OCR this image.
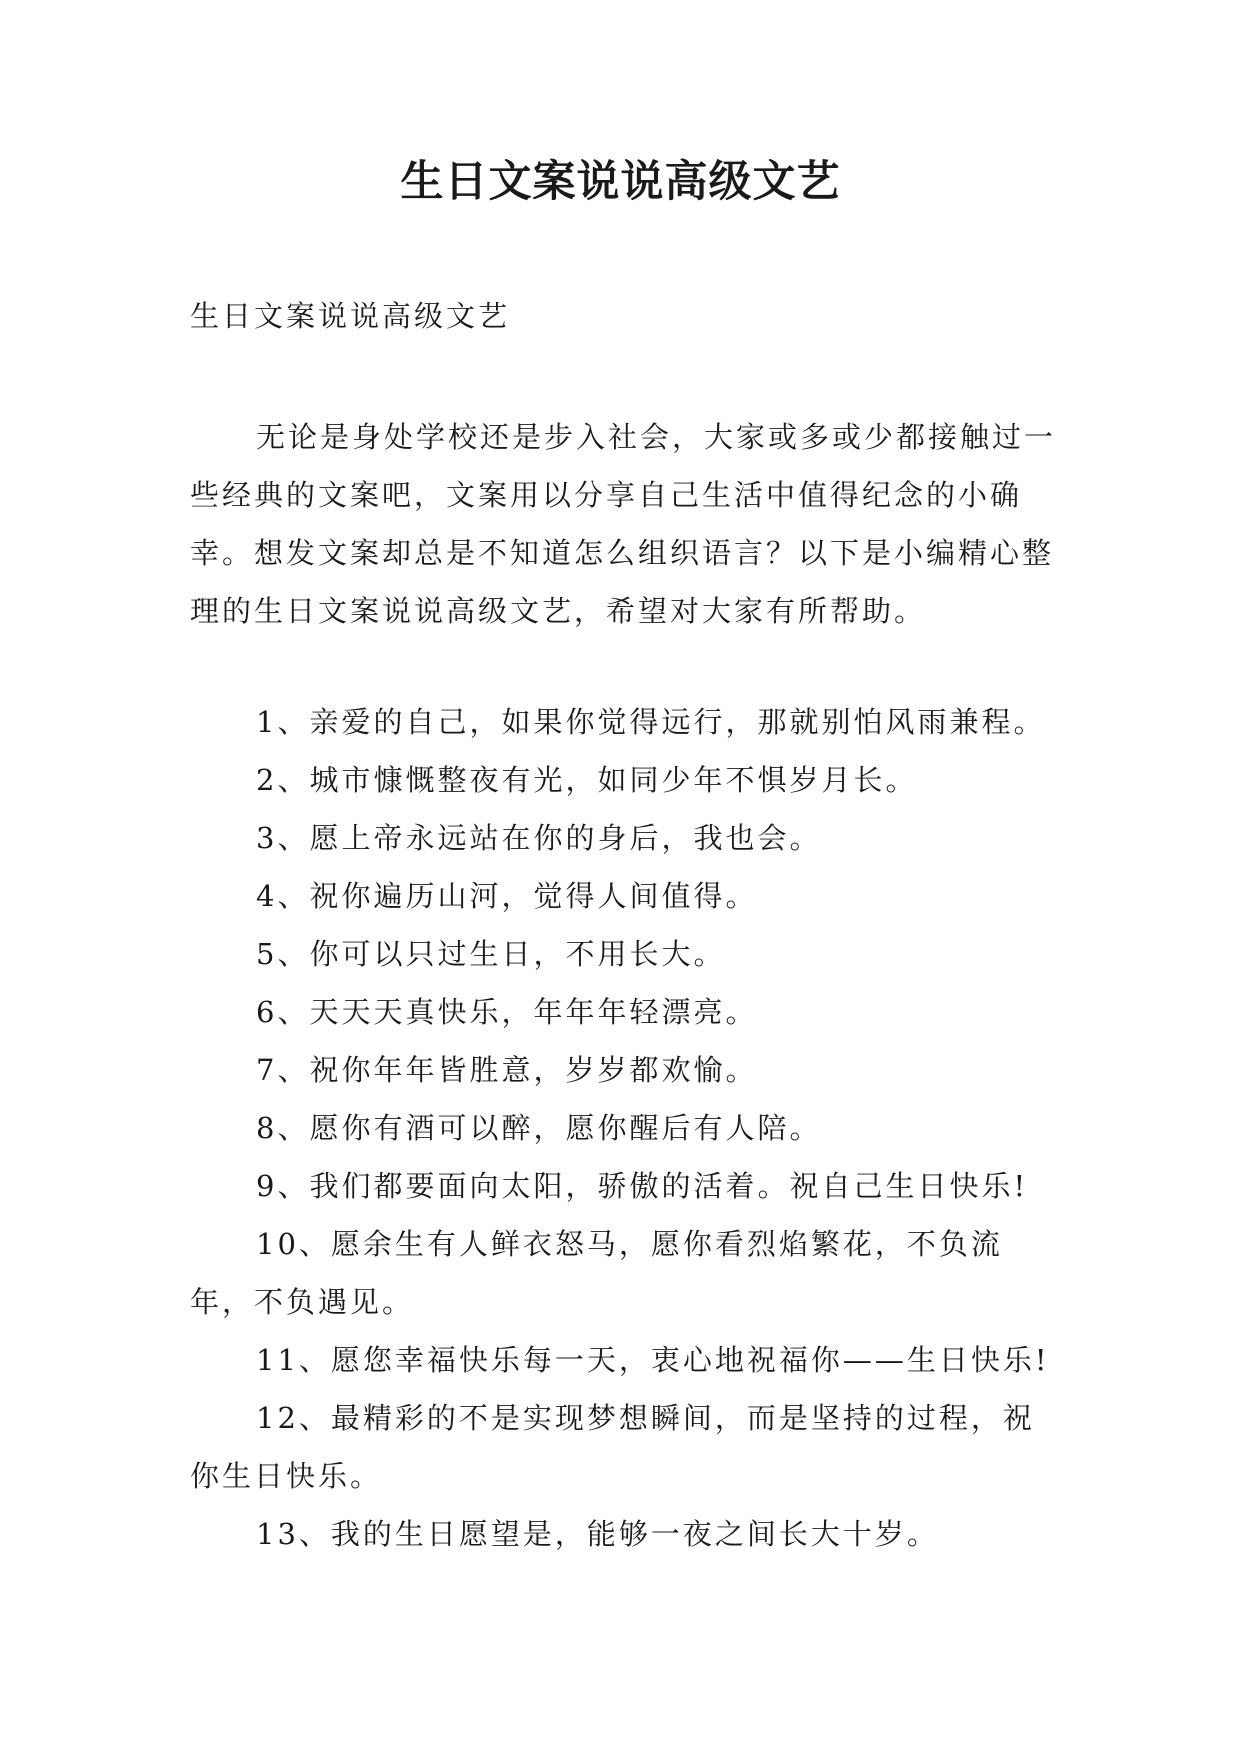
生日文案说说高级文艺
生日文案说说高级文艺

无论是身处学校还是步入社会，大家或多或少都接触过一些经典的文案吧，文案用以分享自己生活中值得纪念的小确幸。想发文案却总是不知道怎么组织语言？以下是小编精心整理的生日文案说说高级文艺，希望对大家有所帮助。

1、亲爱的自己，如果你觉得远行，那就别怕风雨兼程。

2、城市慷慨整夜有光，如同少年不惧岁月长。

3、愿上帝永远站在你的身后，我也会。

4、祝你遍历山河，觉得人间值得。

5、你可以只过生日，不用长大。

6、天天天真快乐，年年年轻漂亮。

7、祝你年年皆胜意，岁岁都欢愉。

8、愿你有酒可以醉，愿你醒后有人陪。

9、我们都要面向太阳，骄傲的活着。祝自己生日快乐!

10、愿余生有人鲜衣怒马，愿你看烈焰繁花，不负流年，不负遇见。

11、愿您幸福快乐每一天，衷心地祝福你——生日快乐!

12、最精彩的不是实现梦想瞬间，而是坚持的过程，祝你生日快乐。

13、我的生日愿望是，能够一夜之间长大十岁。
